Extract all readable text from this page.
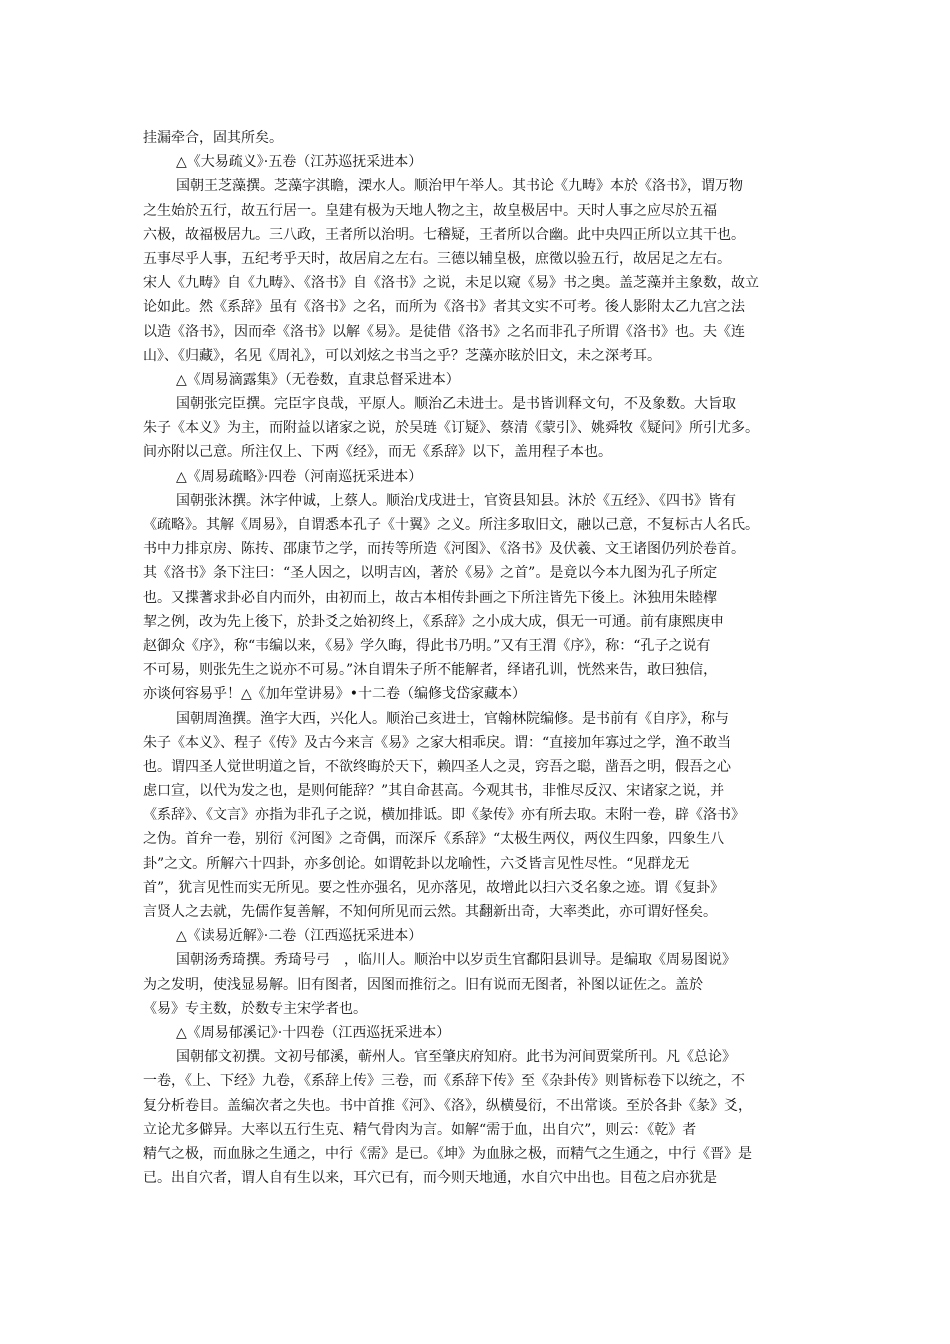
挂漏牵合，固其所矣。
△《大易疏义》·五卷（江苏巡抚采进本）
国朝王芝藻撰。芝藻字淇瞻，溧水人。顺治甲午举人。其书论《九畴》本於《洛书》，谓万物
之生始於五行，故五行居一。皇建有极为天地人物之主，故皇极居中。天时人事之应尽於五福
六极，故福极居九。三八政，王者所以治明。七稽疑，王者所以合幽。此中央四正所以立其干也。
五事尽乎人事，五纪考乎天时，故居肩之左右。三德以辅皇极，庶徵以验五行，故居足之左右。
宋人《九畴》自《九畴》、《洛书》自《洛书》之说，未足以窥《易》书之奥。盖芝藻并主象数，故立
论如此。然《系辞》虽有《洛书》之名，而所为《洛书》者其文实不可考。後人影附太乙九宫之法
以造《洛书》，因而牵《洛书》以解《易》。是徒借《洛书》之名而非孔子所谓《洛书》也。夫《连
山》、《归藏》，名见《周礼》，可以刘炫之书当之乎？芝藻亦眩於旧文，未之深考耳。
△《周易滴露集》（无卷数，直隶总督采进本）
国朝张完臣撰。完臣字良哉，平原人。顺治乙未进士。是书皆训释文句，不及象数。大旨取
朱子《本义》为主，而附益以诸家之说，於吴琏《订疑》、蔡清《蒙引》、姚舜牧《疑问》所引尤多。
间亦附以己意。所注仅上、下两《经》，而无《系辞》以下，盖用程子本也。
△《周易疏略》·四卷（河南巡抚采进本）
国朝张沐撰。沐字仲诚，上蔡人。顺治戊戌进士，官资县知县。沐於《五经》、《四书》皆有
《疏略》。其解《周易》，自谓悉本孔子《十翼》之义。所注多取旧文，融以己意，不复标古人名氏。
书中力排京房、陈抟、邵康节之学，而抟等所造《河图》、《洛书》及伏羲、文王诸图仍列於卷首。
其《洛书》条下注曰：“圣人因之，以明吉凶，著於《易》之首”。是竟以今本九图为孔子所定
也。又揲蓍求卦必自内而外，由初而上，故古本相传卦画之下所注皆先下後上。沐独用朱睦㮮
挈之例，改为先上後下，於卦爻之始初终上，《系辞》之小成大成，俱无一可通。前有康熙庚申
赵御众《序》，称“韦编以来，《易》学久晦，得此书乃明。”又有王渭《序》，称：“孔子之说有
不可易，则张先生之说亦不可易。”沐自谓朱子所不能解者，绎诸孔训，恍然来告，敢曰独信，
亦谈何容易乎！△《加年堂讲易》•十二卷（编修戈岱家藏本）
国朝周渔撰。渔字大西，兴化人。顺治己亥进士，官翰林院编修。是书前有《自序》，称与
朱子《本义》、程子《传》及古今来言《易》之家大相乖戾。谓：“直接加年寡过之学，渔不敢当
也。谓四圣人觉世明道之旨，不欲终晦於天下，赖四圣人之灵，窍吾之聪，凿吾之明，假吾之心
虑口宣，以代为发之也，是则何能辞？”其自命甚高。今观其书，非惟尽反汉、宋诸家之说，并
《系辞》、《文言》亦指为非孔子之说，横加排诋。即《彖传》亦有所去取。末附一卷，辟《洛书》
之伪。首弁一卷，别衍《河图》之奇偶，而深斥《系辞》“太极生两仪，两仪生四象，四象生八
卦”之文。所解六十四卦，亦多创论。如谓乾卦以龙喻性，六爻皆言见性尽性。“见群龙无
首”，犹言见性而实无所见。要之性亦强名，见亦落见，故增此以扫六爻名象之迹。谓《复卦》
言贤人之去就，先儒作复善解，不知何所见而云然。其翻新出奇，大率类此，亦可谓好怪矣。
△《读易近解》·二卷（江西巡抚采进本）
国朝汤秀琦撰。秀琦号弓　，临川人。顺治中以岁贡生官鄱阳县训导。是编取《周易图说》
为之发明，使浅显易解。旧有图者，因图而推衍之。旧有说而无图者，补图以证佐之。盖於
《易》专主数，於数专主宋学者也。
△《周易郁溪记》·十四卷（江西巡抚采进本）
国朝郁文初撰。文初号郁溪，蕲州人。官至肇庆府知府。此书为河间贾棠所刊。凡《总论》
一卷，《上、下经》九卷，《系辞上传》三卷，而《系辞下传》至《杂卦传》则皆标卷下以统之，不
复分析卷目。盖编次者之失也。书中首推《河》、《洛》，纵横曼衍，不出常谈。至於各卦《彖》爻，
立论尤多僻异。大率以五行生克、精气骨肉为言。如解“需于血，出自穴”，则云：《乾》者
精气之极，而血脉之生通之，中行《需》是已。《坤》为血脉之极，而精气之生通之，中行《晋》是
已。出自穴者，谓人自有生以来，耳穴已有，而今则天地通，水自穴中出也。目苞之启亦犹是
